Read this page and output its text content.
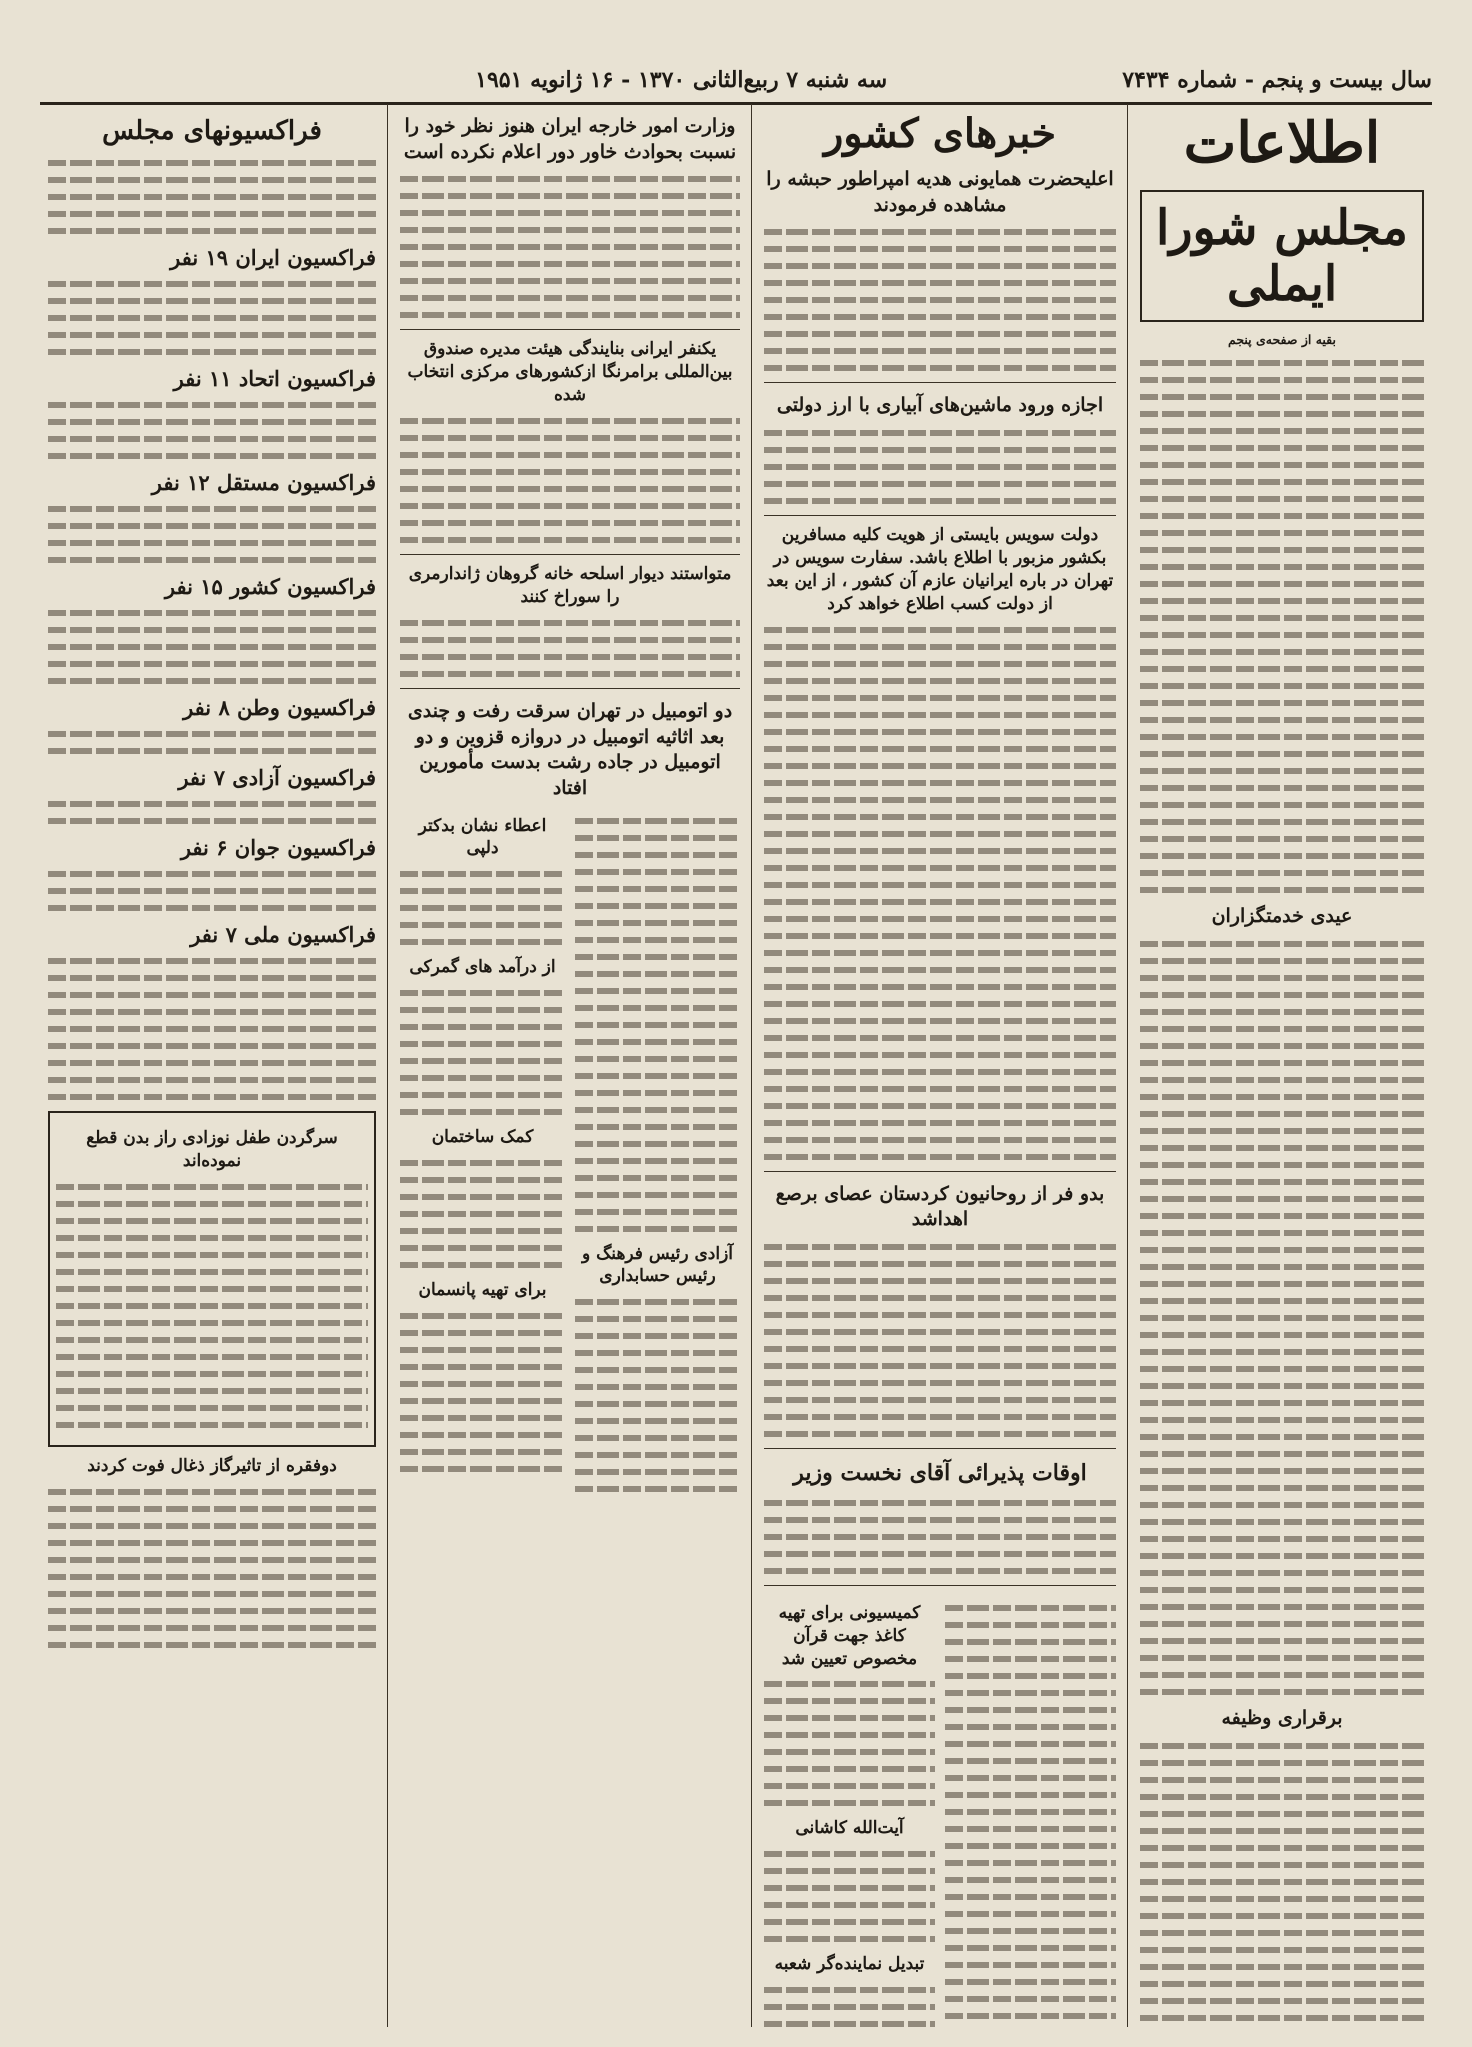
سال بیست و پنجم - شماره ۷۴۳۴
سه شنبه ۷ ربیع‌الثانی ۱۳۷۰ - ۱۶ ژانویه ۱۹۵۱
اطلاعات
مجلس شورا ایملی
بقیه از صفحه‌ی پنجم
عیدی خدمتگزاران
برقراری وظیفه
خبرهای کشور
اعلیحضرت همایونی هدیه امپراطور حبشه را مشاهده فرمودند
اجازه ورود ماشین‌های آبیاری با ارز دولتی
دولت سویس بایستی از هویت کلیه مسافرین بکشور مزبور با اطلاع باشد. سفارت سویس در تهران در باره ایرانیان عازم آن کشور ، از این بعد از دولت کسب اطلاع خواهد کرد
بدو فر از روحانیون کردستان عصای برصع اهداشد
اوقات پذیرائی آقای نخست وزیر
کمیسیونی برای تهیه کاغذ جهت قرآن مخصوص تعیین شد
آیت‌الله کاشانی
تبدیل نماینده‌گر شعبه
وزارت امور خارجه ایران هنوز نظر خود را نسبت بحوادث خاور دور اعلام نکرده است
یکنفر ایرانی بنایندگی هیئت مدیره صندوق بین‌المللی برامرنگا ازکشورهای مرکزی انتخاب شده
متواستند دیوار اسلحه خانه گروهان ژاندارمری را سوراخ کنند
دو اتومبیل در تهران سرقت رفت و چندی بعد اثاثیه اتومبیل در دروازه قزوین و دو اتومبیل در جاده رشت بدست مأمورین افتاد
آزادی رئیس فرهنگ و رئیس حسابداری
اعطاء نشان بدکتر دلپی
از درآمد های گمرکی
کمک ساختمان
برای تهیه پانسمان
فراکسیونهای مجلس
فراکسیون ایران ۱۹ نفر
فراکسیون اتحاد ۱۱ نفر
فراکسیون مستقل ۱۲ نفر
فراکسیون کشور ۱۵ نفر
فراکسیون وطن ۸ نفر
فراکسیون آزادی ۷ نفر
فراکسیون جوان ۶ نفر
فراکسیون ملی ۷ نفر
سرگردن طفل نوزادی راز بدن قطع نموده‌اند
دوفقره از تاثیرگاز ذغال فوت کردند
